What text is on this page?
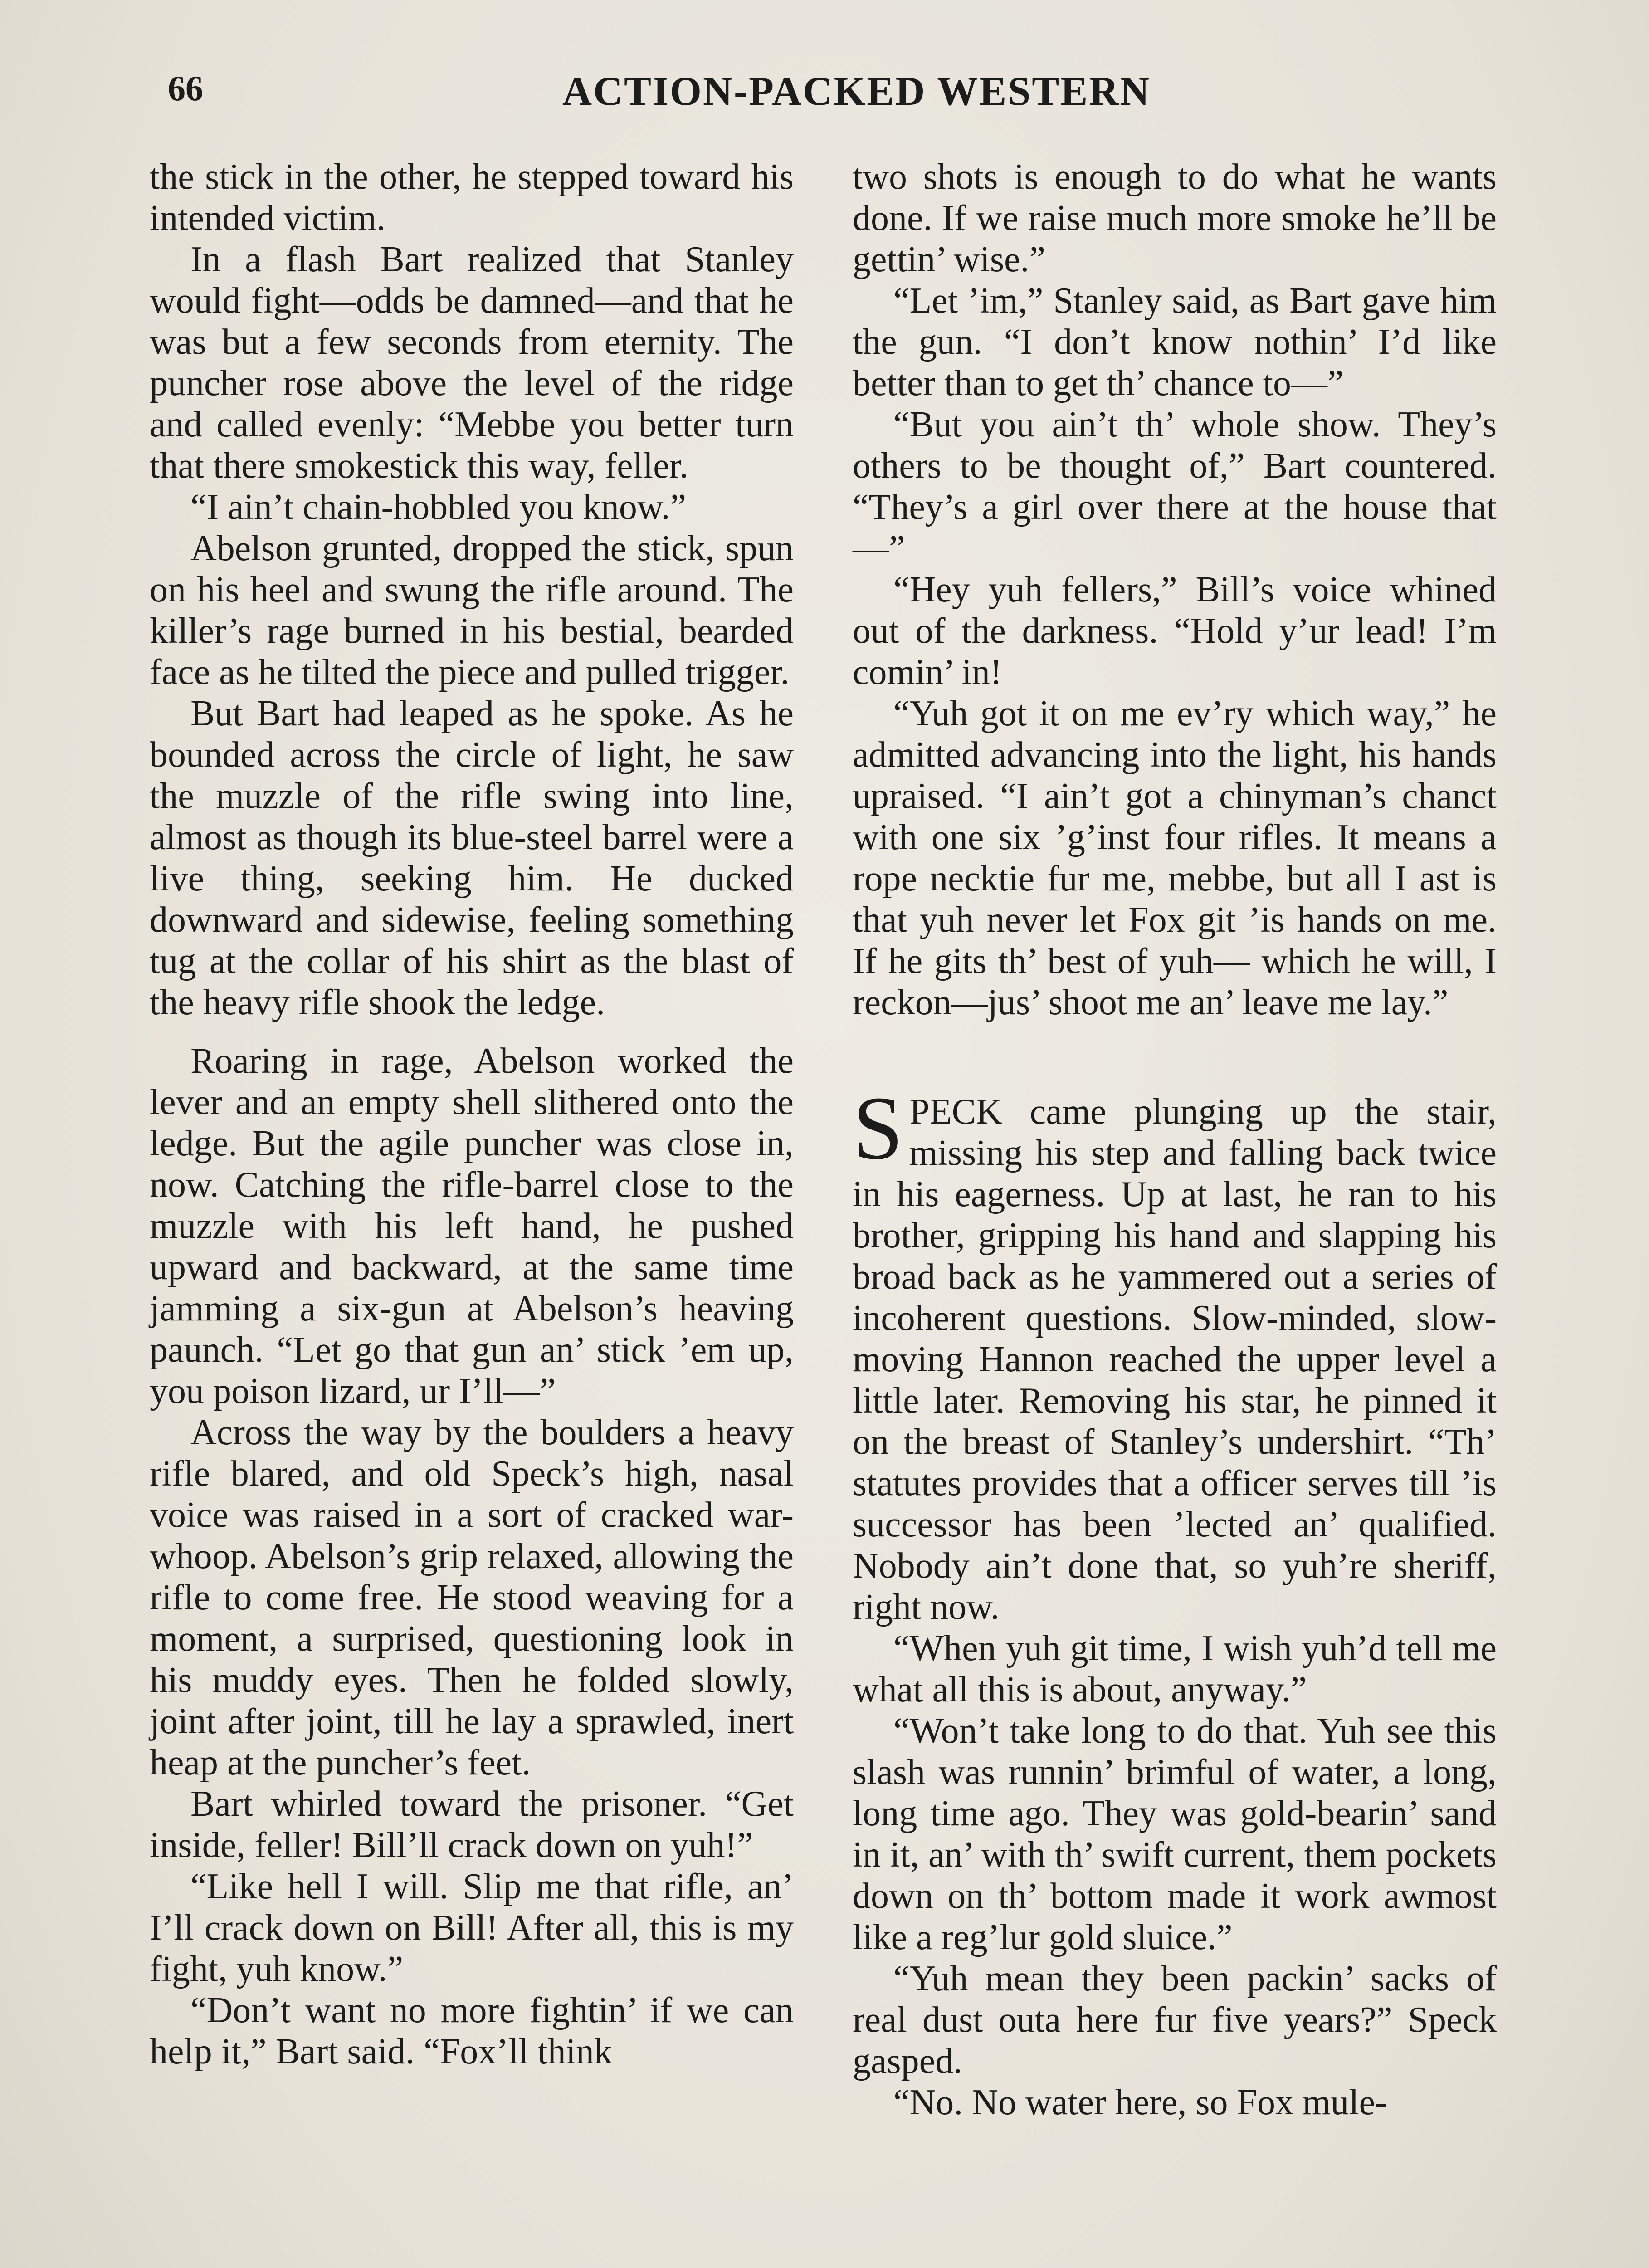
66	ACTION-PACKED WESTERN

the stick in the other, he stepped toward his intended victim.

In a flash Bart realized that Stanley would fight—odds be damned—and that he was but a few seconds from eternity. The puncher rose above the level of the ridge and called evenly: “Mebbe you better turn that there smokestick this way, feller.

“I ain’t chain-hobbled you know.”

Abelson grunted, dropped the stick, spun on his heel and swung the rifle around. The killer’s rage burned in his bestial, bearded face as he tilted the piece and pulled trigger.

But Bart had leaped as he spoke. As he bounded across the circle of light, he saw the muzzle of the rifle swing into line, almost as though its blue-steel barrel were a live thing, seeking him. He ducked downward and sidewise, feeling something tug at the collar of his shirt as the blast of the heavy rifle shook the ledge.

Roaring in rage, Abelson worked the lever and an empty shell slithered onto the ledge. But the agile puncher was close in, now. Catching the rifle-barrel close to the muzzle with his left hand, he pushed upward and backward, at the same time jamming a six-gun at Abelson’s heaving paunch. “Let go that gun an’ stick ’em up, you poison lizard, ur I’ll—”

Across the way by the boulders a heavy rifle blared, and old Speck’s high, nasal voice was raised in a sort of cracked war-whoop. Abelson’s grip relaxed, allowing the rifle to come free. He stood weaving for a moment, a surprised, questioning look in his muddy eyes. Then he folded slowly, joint after joint, till he lay a sprawled, inert heap at the puncher’s feet.

Bart whirled toward the prisoner. “Get inside, feller! Bill’ll crack down on yuh!”

“Like hell I will. Slip me that rifle, an’ I’ll crack down on Bill! After all, this is my fight, yuh know.”

“Don’t want no more fightin’ if we can help it,” Bart said. “Fox’ll think

two shots is enough to do what he wants done. If we raise much more smoke he’ll be gettin’ wise.”

“Let ’im,” Stanley said, as Bart gave him the gun. “I don’t know nothin’ I’d like better than to get th’ chance to—”

“But you ain’t th’ whole show. They’s others to be thought of,” Bart countered. “They’s a girl over there at the house that—”

“Hey yuh fellers,” Bill’s voice whined out of the darkness. “Hold y’ur lead! I’m comin’ in!

“Yuh got it on me ev’ry which way,” he admitted advancing into the light, his hands upraised. “I ain’t got a chinyman’s chanct with one six ’g’inst four rifles. It means a rope necktie fur me, mebbe, but all I ast is that yuh never let Fox git ’is hands on me. If he gits th’ best of yuh— which he will, I reckon—jus’ shoot me an’ leave me lay.”

SPECK came plunging up the stair, missing his step and falling back twice in his eagerness. Up at last, he ran to his brother, gripping his hand and slapping his broad back as he yammered out a series of incoherent questions. Slow-minded, slow-moving Hannon reached the upper level a little later. Removing his star, he pinned it on the breast of Stanley’s undershirt. “Th’ statutes provides that a officer serves till ’is successor has been ’lected an’ qualified. Nobody ain’t done that, so yuh’re sheriff, right now.

“When yuh git time, I wish yuh’d tell me what all this is about, anyway.”

“Won’t take long to do that. Yuh see this slash was runnin’ brimful of water, a long, long time ago. They was gold-bearin’ sand in it, an’ with th’ swift current, them pockets down on th’ bottom made it work awmost like a reg’lur gold sluice.”

“Yuh mean they been packin’ sacks of real dust outa here fur five years?” Speck gasped.

“No. No water here, so Fox mule-
